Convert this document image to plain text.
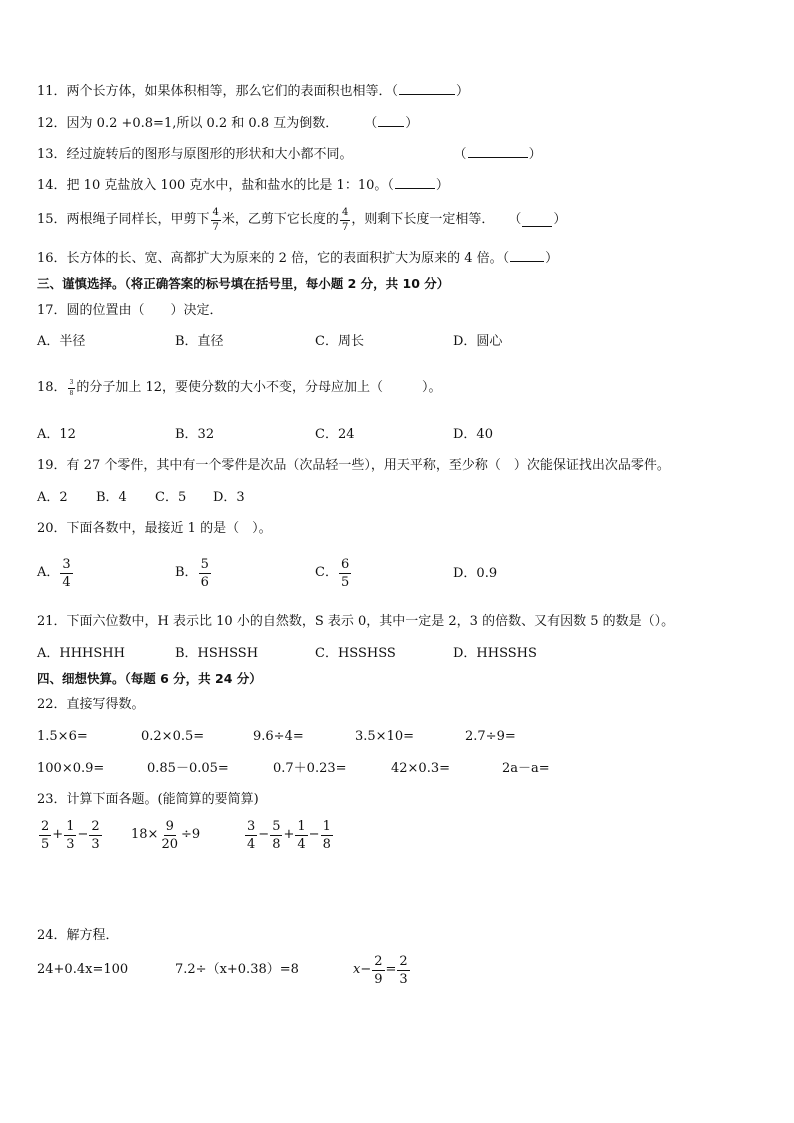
11．两个长方体，如果体积相等，那么它们的表面积也相等．（	）
12．因为 0.2 +0.8=1,所以 0.2 和 0.8 互为倒数． （ ）
13．经过旋转后的图形与原图形的形状和大小都不同。	（	）
14．把 10 克盐放入 100 克水中，盐和盐水的比是 1：10。（	）
15．两根绳子同样长，甲剪下 $\frac{4}{7}$ 米，乙剪下它长度的 $\frac{4}{7}$ ，则剩下长度一定相等． （ ）
16．长方体的长、宽、高都扩大为原来的 2 倍，它的表面积扩大为原来的 4 倍。（	）
三、谨慎选择。（将正确答案的标号填在括号里，每小题 2 分，共 10 分）
17．圆的位置由（　　）决定．
A．半径	B．直径	C．周长	D．圆心
18． $\frac{3}{8}$ 的分子加上 12，要使分数的大小不变，分母应加上（　　　）。
A．12	B．32	C．24	D．40
19．有 27 个零件，其中有一个零件是次品（次品轻一些），用天平称，至少称（　）次能保证找出次品零件。
A．2 B．4 C．5 D．3
20．下面各数中，最接近 1 的是（　）。
A． $\frac{3}{4}$	B． $\frac{5}{6}$	C． $\frac{6}{5}$	D．0.9
21．下面六位数中，H 表示比 10 小的自然数，S 表示 0，其中一定是 2，3 的倍数、又有因数 5 的数是（）。
A．HHHSHH	B．HSHSSH	C．HSSHSS	D．HHSSHS
四、细想快算。（每题 6 分，共 24 分）
22．直接写得数。
1.5×6=	0.2×0.5=	9.6÷4=	3.5×10=	2.7÷9=
100×0.9=	0.85－0.05=	0.7＋0.23=	42×0.3=	2a－a=
23．计算下面各题。(能简算的要简算)
$\frac{2}{5} + \frac{1}{3} - \frac{2}{3} 18\times \frac{9}{20} \div 9$	$\frac{3}{4} - \frac{5}{8} + \frac{1}{4} - \frac{1}{8}$
24．解方程．
24+0.4x=100	7.2÷（x+0.38）=8	$x- \frac{2}{9} = \frac{2}{3}$
